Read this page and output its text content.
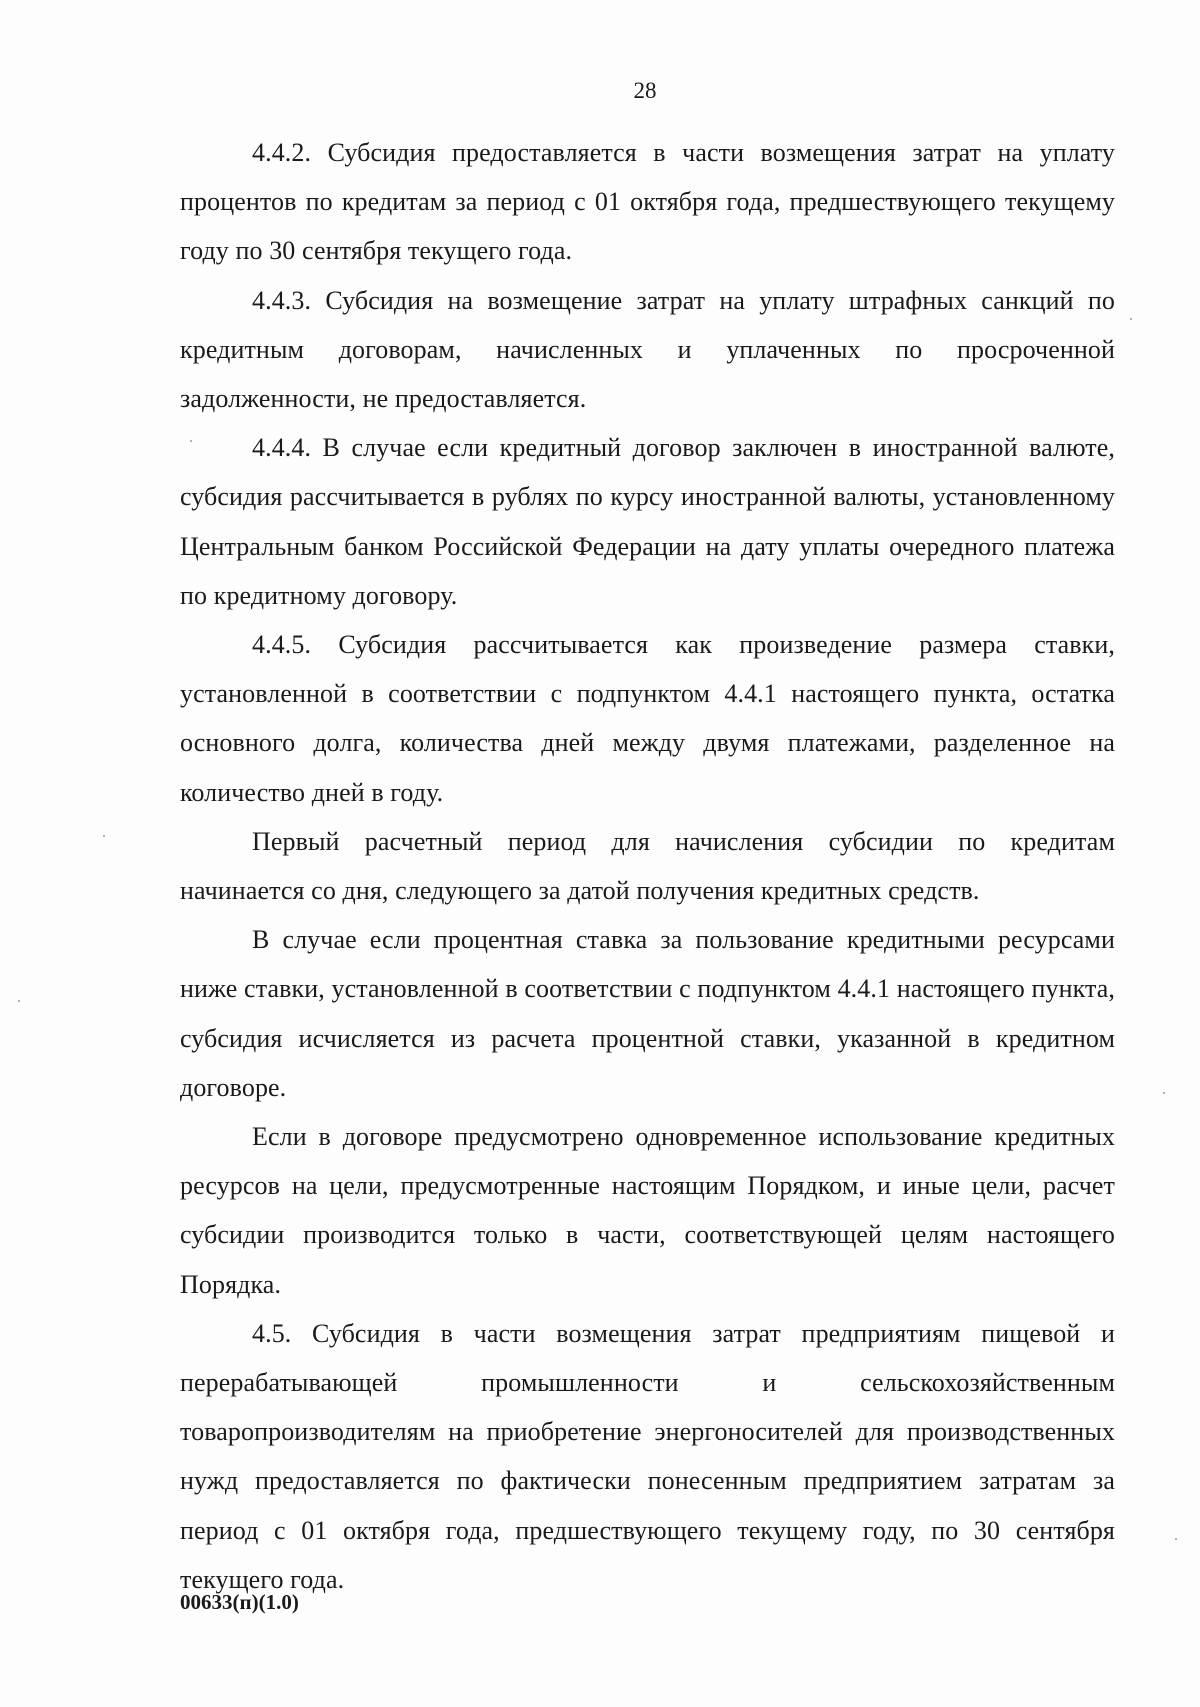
28

4.4.2. Субсидия предоставляется в части возмещения затрат на уплату процентов по кредитам за период с 01 октября года, предшествующего текущему году по 30 сентября текущего года.

4.4.3. Субсидия на возмещение затрат на уплату штрафных санкций по кредитным договорам, начисленных и уплаченных по просроченной задолженности, не предоставляется.

4.4.4. В случае если кредитный договор заключен в иностранной валюте, субсидия рассчитывается в рублях по курсу иностранной валюты, установленному Центральным банком Российской Федерации на дату уплаты очередного платежа по кредитному договору.

4.4.5. Субсидия рассчитывается как произведение размера ставки, установленной в соответствии с подпунктом 4.4.1 настоящего пункта, остатка основного долга, количества дней между двумя платежами, разделенное на количество дней в году.

Первый расчетный период для начисления субсидии по кредитам начинается со дня, следующего за датой получения кредитных средств.

В случае если процентная ставка за пользование кредитными ресурсами ниже ставки, установленной в соответствии с подпунктом 4.4.1 настоящего пункта, субсидия исчисляется из расчета процентной ставки, указанной в кредитном договоре.

Если в договоре предусмотрено одновременное использование кредитных ресурсов на цели, предусмотренные настоящим Порядком, и иные цели, расчет субсидии производится только в части, соответствующей целям настоящего Порядка.

4.5. Субсидия в части возмещения затрат предприятиям пищевой и перерабатывающей промышленности и сельскохозяйственным товаропроизводителям на приобретение энергоносителей для производственных нужд предоставляется по фактически понесенным предприятием затратам за период с 01 октября года, предшествующего текущему году, по 30 сентября текущего года.

00633(п)(1.0)
